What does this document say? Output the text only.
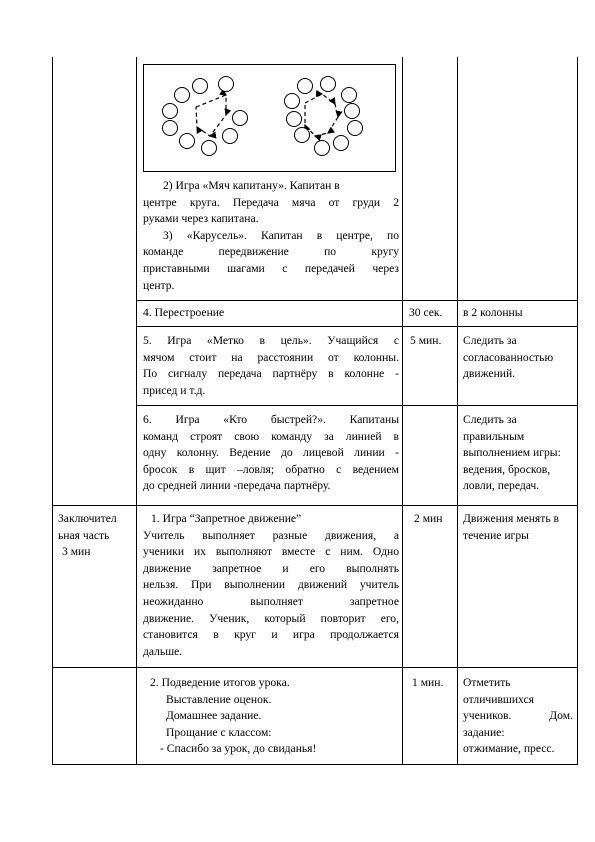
2) Игра «Мяч капитану». Капитан в
центре круга. Передача мяча от груди 2
руками через капитана.
3) «Карусель». Капитан в центре, по
команде передвижение по кругу
приставными шагами с передачей через
центр.
4. Перестроение	30 сек. в 2 колонны
5. Игра «Метко в цель». Учащийся с
мячом стоит на расстоянии от колонны.
По сигналу передача партнёру в колонне -
присед и т.д.
5 мин. Следить за
согласованностью
движений.
6. Игра «Кто быстрей?». Капитаны
команд строят свою команду за линией в
одну колонну. Ведение до лицевой линии -
бросок в щит –ловля; обратно с ведением
до средней линии -передача партнёру.
Следить за
правильным
выполнением игры:
ведения, бросков,
ловли, передач.
Заключител
ьная часть
3 мин
1. Игра “Запретное движение”
Учитель выполняет разные движения, а
ученики их выполняют вместе с ним. Одно
движение запретное и его выполнять
нельзя. При выполнении движений учитель
неожиданно выполняет запретное
движение. Ученик, который повторит его,
становится в круг и игра продолжается
дальше.
2 мин Движения менять в
течение игры
2. Подведение итогов урока.
Выставление оценок.
Домашнее задание.
Прощание с классом:
- Спасибо за урок, до свиданья!
1 мин. Отметить
отличившихся
учеников. Дом.
задание:
отжимание, пресс.
